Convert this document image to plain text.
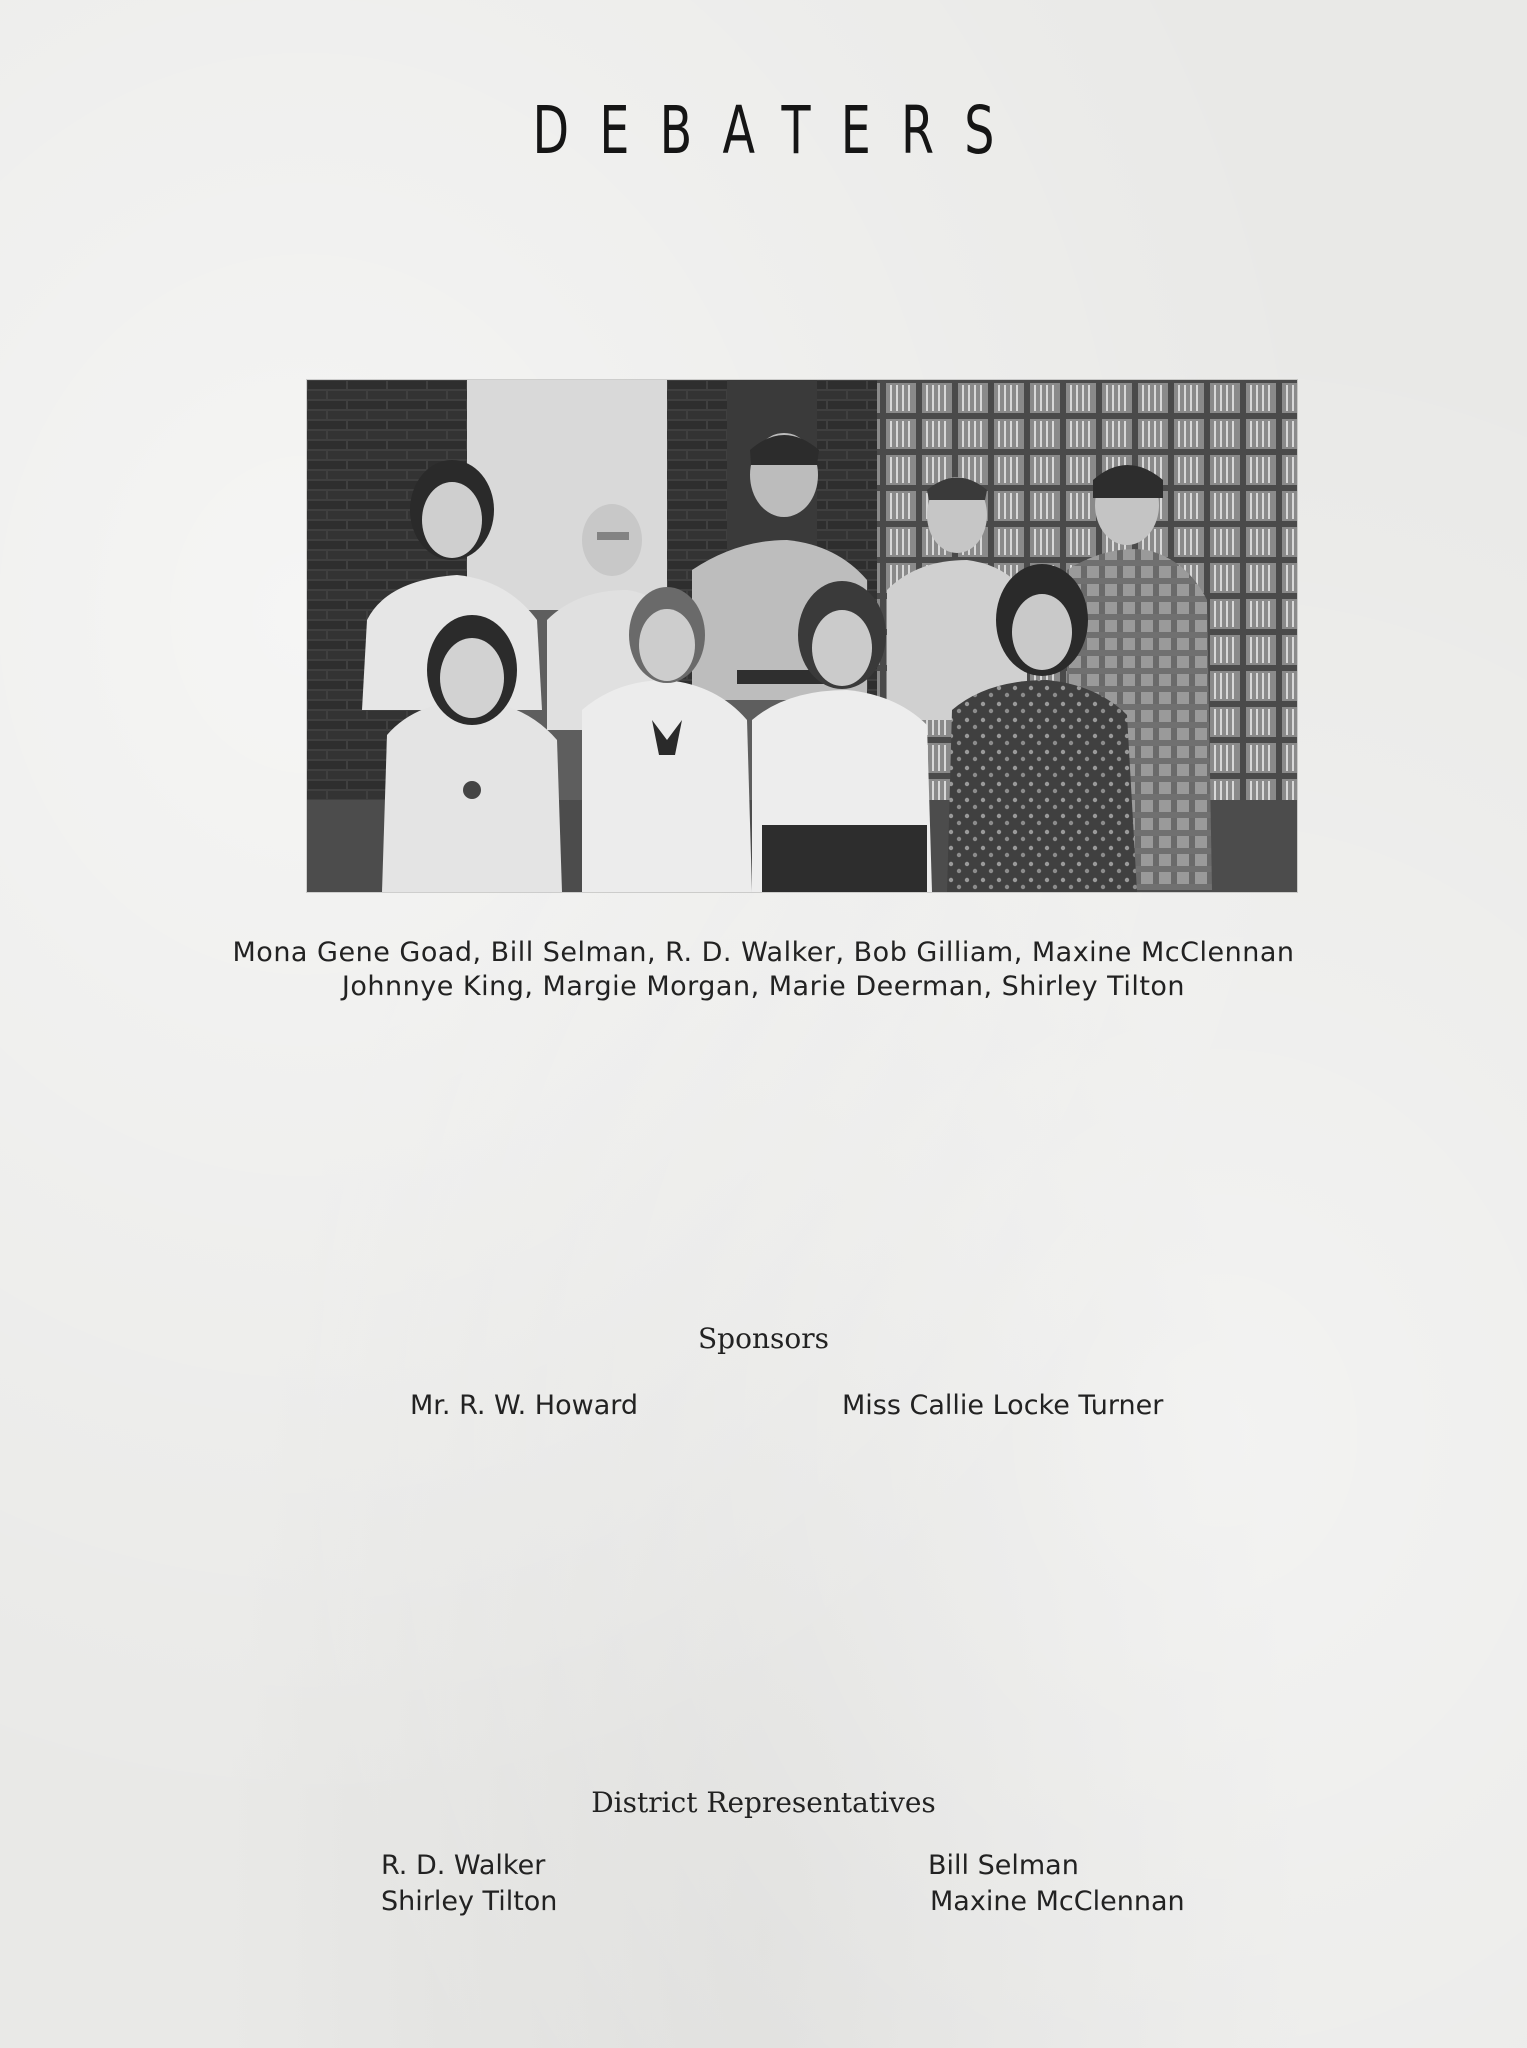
DEBATERS
Mona Gene Goad, Bill Selman, R. D. Walker, Bob Gilliam, Maxine McClennan
Johnnye King, Margie Morgan, Marie Deerman, Shirley Tilton
Sponsors
Mr. R. W. Howard	Miss Callie Locke Turner
District Representatives
R. D. Walker
Shirley Tilton
Bill Selman
Maxine McClennan
